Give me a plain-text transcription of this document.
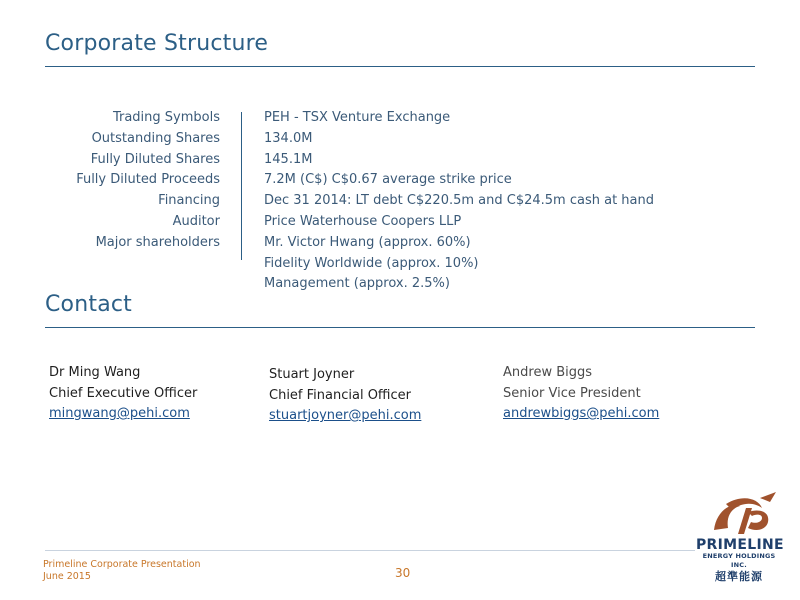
Corporate Structure
Trading Symbols
Outstanding Shares
Fully Diluted Shares
Fully Diluted Proceeds
Financing
Auditor
Major shareholders
PEH - TSX Venture Exchange
134.0M
145.1M
7.2M (C$) C$0.67 average strike price
Dec 31 2014: LT debt C$220.5m and C$24.5m cash at hand
Price Waterhouse Coopers LLP
Mr. Victor Hwang (approx. 60%)
Fidelity Worldwide (approx. 10%)
Management (approx. 2.5%)
Contact
Dr Ming Wang
Chief Executive Officer
mingwang@pehi.com
Stuart Joyner
Chief Financial Officer
stuartjoyner@pehi.com
Andrew Biggs
Senior Vice President
andrewbiggs@pehi.com
Primeline Corporate Presentation
June 2015	30
PRIMELINE
ENERGY HOLDINGS INC.
超準能源
